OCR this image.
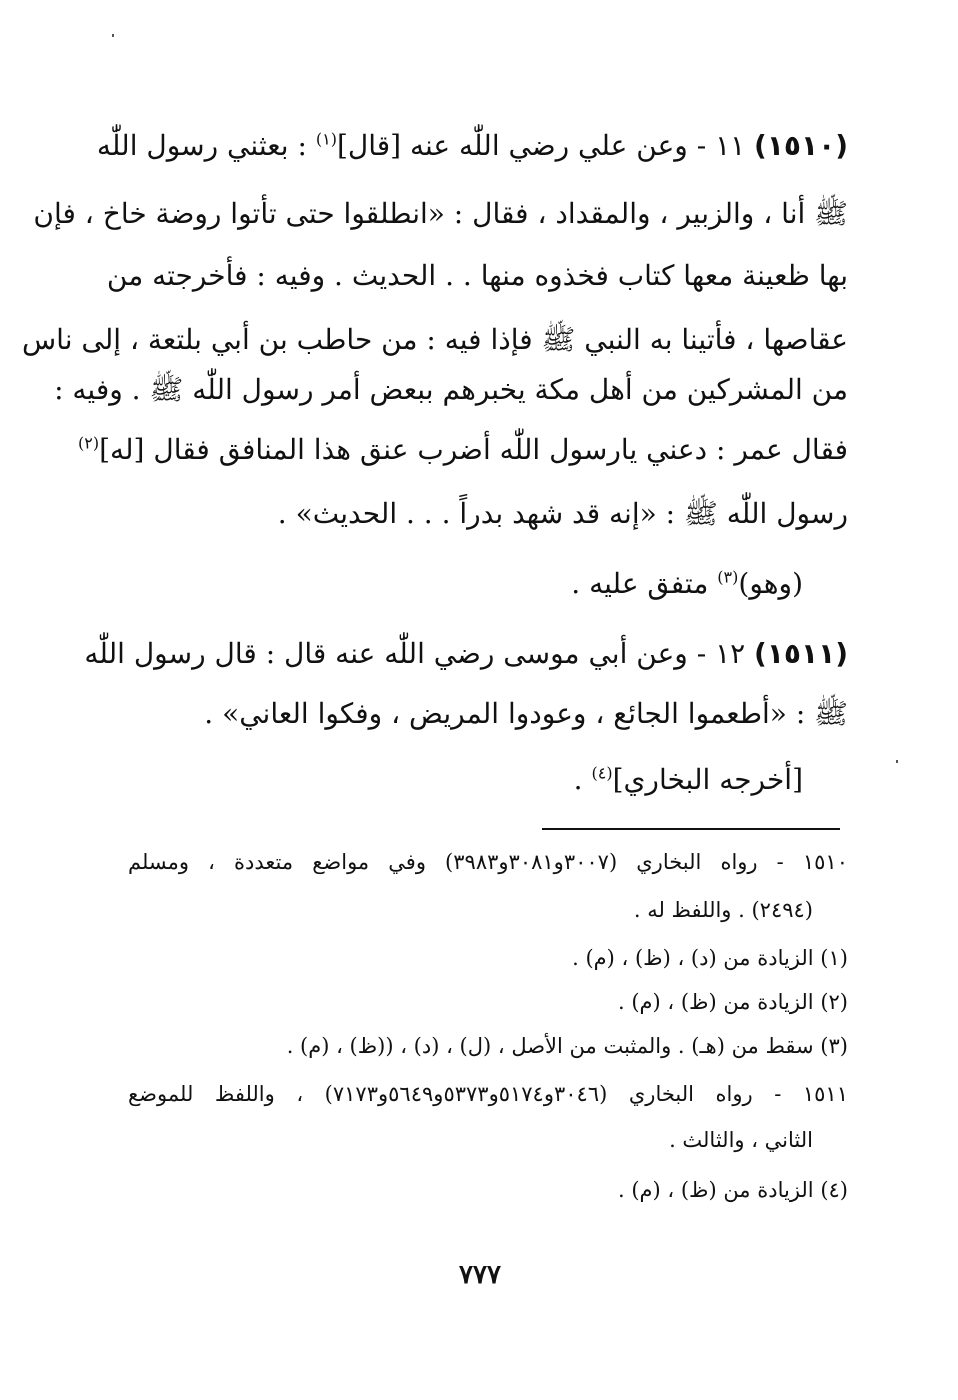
(١٥١٠) ١١ - وعن علي رضي اللّٰه عنه [قال]$^{(١)}$ : بعثني رسول اللّٰه
ﷺ أنا ، والزبير ، والمقداد ، فقال : «انطلقوا حتى تأتوا روضة خاخ ، فإن
بها ظعينة معها كتاب فخذوه منها . . الحديث . وفيه : فأخرجته من
عقاصها ، فأتينا به النبي ﷺ فإذا فيه : من حاطب بن أبي بلتعة ، إلى ناس
من المشركين من أهل مكة يخبرهم ببعض أمر رسول اللّٰه ﷺ . وفيه :
فقال عمر : دعني يارسول اللّٰه أضرب عنق هذا المنافق فقال [له]$^{(٢)}$
رسول اللّٰه ﷺ : «إنه قد شهد بدراً . . . الحديث» .
(وهو)$^{(٣)}$ متفق عليه .
(١٥١١) ١٢ - وعن أبي موسى رضي اللّٰه عنه قال : قال رسول اللّٰه
ﷺ : «أطعموا الجائع ، وعودوا المريض ، وفكوا العاني» .
[أخرجه البخاري]$^{(٤)}$ .
١٥١٠ - رواه البخاري (٣٠٠٧و٣٠٨١و٣٩٨٣) وفي مواضع متعددة ، ومسلم
(٢٤٩٤) . واللفظ له .
(١) الزيادة من (د) ، (ظ) ، (م) .
(٢) الزيادة من (ظ) ، (م) .
(٣) سقط من (هـ) . والمثبت من الأصل ، (ل) ، (د) ، ((ظ) ، (م) .
١٥١١ - رواه البخاري (٣٠٤٦و٥١٧٤و٥٣٧٣و٥٦٤٩و٧١٧٣) ، واللفظ للموضع
الثاني ، والثالث .
(٤) الزيادة من (ظ) ، (م) .
٧٧٧
